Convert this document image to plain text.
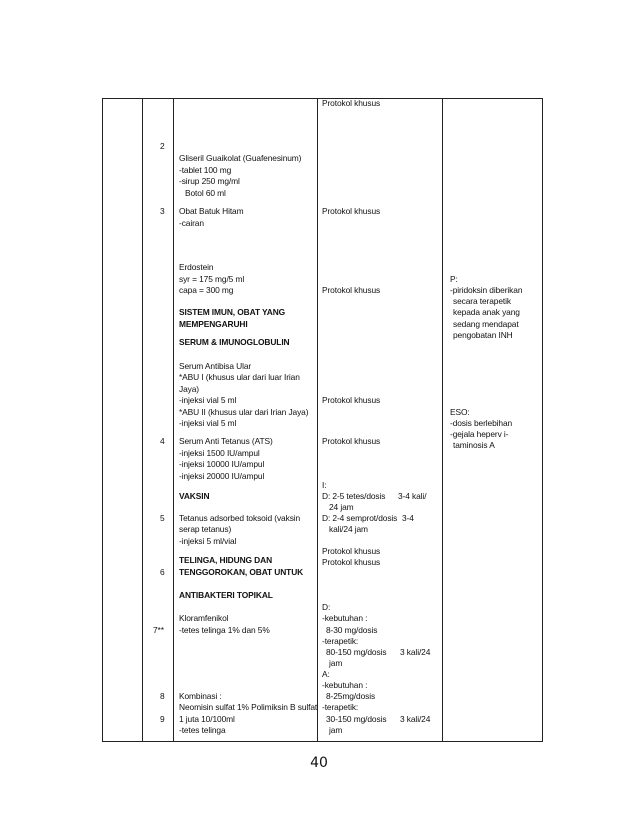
2
3
4
5
6
7**
8
9
Gliseril Guaikolat (Guafenesinum)
-tablet 100 mg
-sirup 250 mg/ml
Botol 60 ml
Obat Batuk Hitam
-cairan
Erdostein
syr = 175 mg/5 ml
capa = 300 mg
SISTEM IMUN, OBAT YANG
MEMPENGARUHI
SERUM & IMUNOGLOBULIN
Serum Antibisa Ular
*ABU I (khusus ular dari luar Irian
Jaya)
-injeksi vial 5 ml
*ABU II (khusus ular dari Irian Jaya)
-injeksi vial 5 ml
Serum Anti Tetanus (ATS)
-injeksi 1500 IU/ampul
-injeksi 10000 IU/ampul
-injeksi 20000 IU/ampul
VAKSIN
Tetanus adsorbed toksoid (vaksin
serap tetanus)
-injeksi 5 ml/vial
TELINGA, HIDUNG DAN
TENGGOROKAN, OBAT UNTUK
ANTIBAKTERI TOPIKAL
Kloramfenikol
-tetes telinga 1% dan 5%
Kombinasi :
Neomisin sulfat 1% Polimiksin B sulfat
1 juta 10/100ml
-tetes telinga
Protokol khusus
Protokol khusus
Protokol khusus
Protokol khusus
Protokol khusus
I:
D: 2-5 tetes/dosis 3-4 kali/
24 jam
D: 2-4 semprot/dosis 3-4
kali/24 jam
Protokol khusus
Protokol khusus
D:
-kebutuhan :
8-30 mg/dosis
-terapetik:
80-150 mg/dosis 3 kali/24
jam
A:
-kebutuhan :
8-25mg/dosis
-terapetik:
30-150 mg/dosis 3 kali/24
jam
P:
-piridoksin diberikan
secara terapetik
kepada anak yang
sedang mendapat
pengobatan INH
ESO:
-dosis berlebihan
-gejala heperv i-
taminosis A
40
